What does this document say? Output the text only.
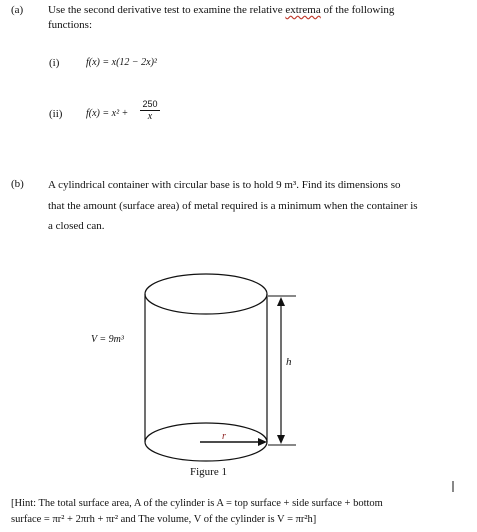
(a) Use the second derivative test to examine the relative extrema of the following
functions:
(i)	f(x) = x(12 − 2x)²
(ii) $f(x) = x^2 + \frac{250}{x}$
(b) A cylindrical container with circular base is to hold 9 m³. Find its dimensions so
that the amount (surface area) of metal required is a minimum when the container is
a closed can.
V = 9m³
h
r
Figure 1
[Hint: The total surface area, A of the cylinder is A = top surface + side surface + bottom
surface = πr² + 2πrh + πr² and The volume, V of the cylinder is V = πr²h]
